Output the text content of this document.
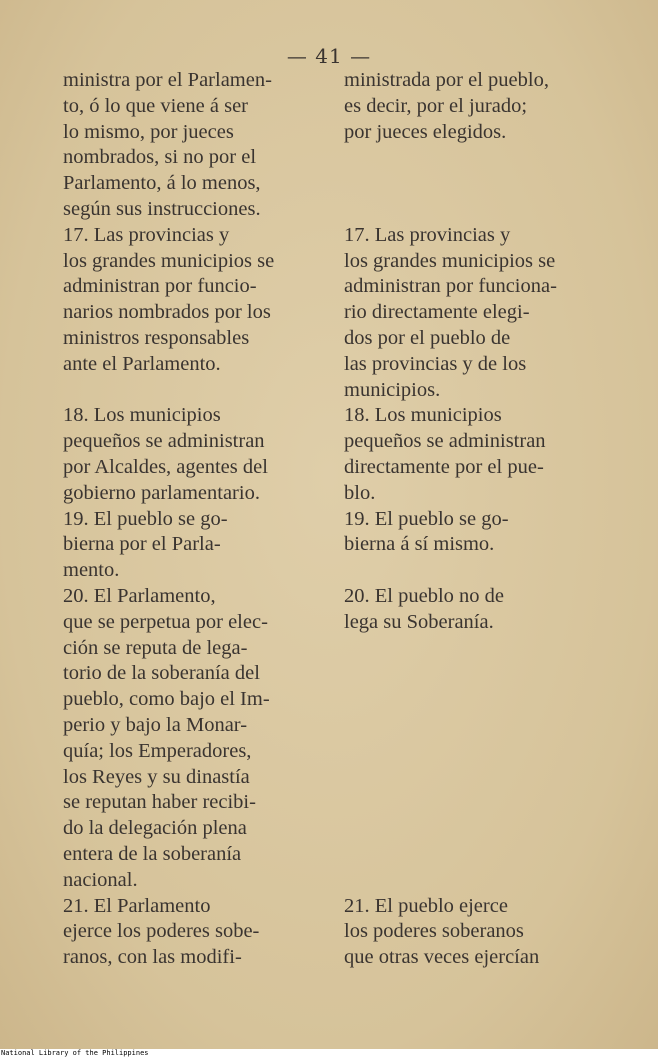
— 41 —
ministra por el Parlamen-
to, ó lo que viene á ser
lo mismo, por jueces
nombrados, si no por el
Parlamento, á lo menos,
según sus instrucciones.
17. Las provincias y
los grandes municipios se
administran por funcio-
narios nombrados por los
ministros responsables
ante el Parlamento.
18. Los municipios
pequeños se administran
por Alcaldes, agentes del
gobierno parlamentario.
19. El pueblo se go-
bierna por el Parla-
mento.
20. El Parlamento,
que se perpetua por elec-
ción se reputa de lega-
torio de la soberanía del
pueblo, como bajo el Im-
perio y bajo la Monar-
quía; los Emperadores,
los Reyes y su dinastía
se reputan haber recibi-
do la delegación plena
entera de la soberanía
nacional.
21. El Parlamento
ejerce los poderes sobe-
ranos, con las modifi-
ministrada por el pueblo,
es decir, por el jurado;
por jueces elegidos.
17. Las provincias y
los grandes municipios se
administran por funciona-
rio directamente elegi-
dos por el pueblo de
las provincias y de los
municipios.
18. Los municipios
pequeños se administran
directamente por el pue-
blo.
19. El pueblo se go-
bierna á sí mismo.
20. El pueblo no de
lega su Soberanía.
21. El pueblo ejerce
los poderes soberanos
que otras veces ejercían
National Library of the Philippines
